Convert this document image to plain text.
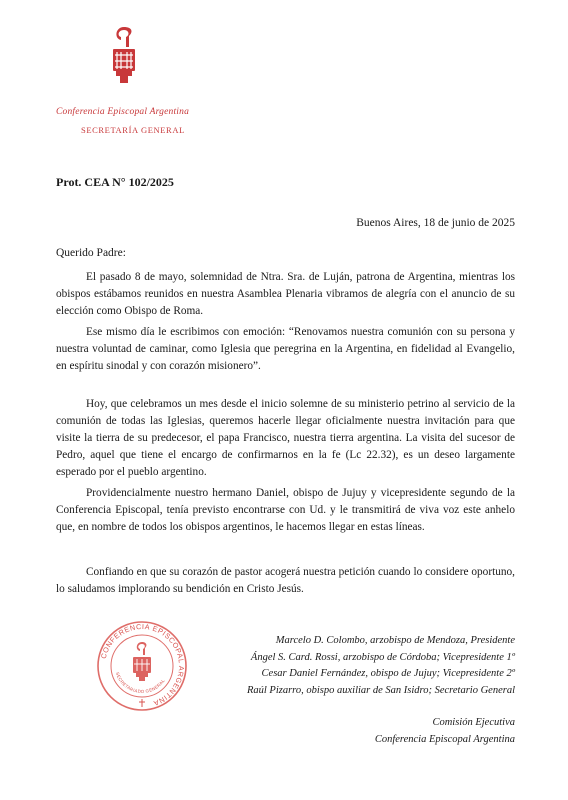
Conferencia Episcopal Argentina
SECRETARÍA GENERAL
Prot. CEA N° 102/2025
Buenos Aires, 18 de junio de 2025
Querido Padre:

El pasado 8 de mayo, solemnidad de Ntra. Sra. de Luján, patrona de Argentina, mientras los obispos estábamos reunidos en nuestra Asamblea Plenaria vibramos de alegría con el anuncio de su elección como Obispo de Roma.

Ese mismo día le escribimos con emoción: “Renovamos nuestra comunión con su persona y nuestra voluntad de caminar, como Iglesia que peregrina en la Argentina, en fidelidad al Evangelio, en espíritu sinodal y con corazón misionero”.

Hoy, que celebramos un mes desde el inicio solemne de su ministerio petrino al servicio de la comunión de todas las Iglesias, queremos hacerle llegar oficialmente nuestra invitación para que visite la tierra de su predecesor, el papa Francisco, nuestra tierra argentina. La visita del sucesor de Pedro, aquel que tiene el encargo de confirmarnos en la fe (Lc 22.32), es un deseo largamente esperado por el pueblo argentino.

Providencialmente nuestro hermano Daniel, obispo de Jujuy y vicepresidente segundo de la Conferencia Episcopal, tenía previsto encontrarse con Ud. y le transmitirá de viva voz este anhelo que, en nombre de todos los obispos argentinos, le hacemos llegar en estas líneas.

Confiando en que su corazón de pastor acogerá nuestra petición cuando lo considere oportuno, lo saludamos implorando su bendición en Cristo Jesús.

CONFERENCIA EPISCOPAL ARGENTINA
SECRETARIADO GENERAL
Marcelo D. Colombo, arzobispo de Mendoza, Presidente
Ángel S. Card. Rossi, arzobispo de Córdoba; Vicepresidente 1º
Cesar Daniel Fernández, obispo de Jujuy; Vicepresidente 2º
Raúl Pizarro, obispo auxiliar de San Isidro; Secretario General
Comisión Ejecutiva
Conferencia Episcopal Argentina
